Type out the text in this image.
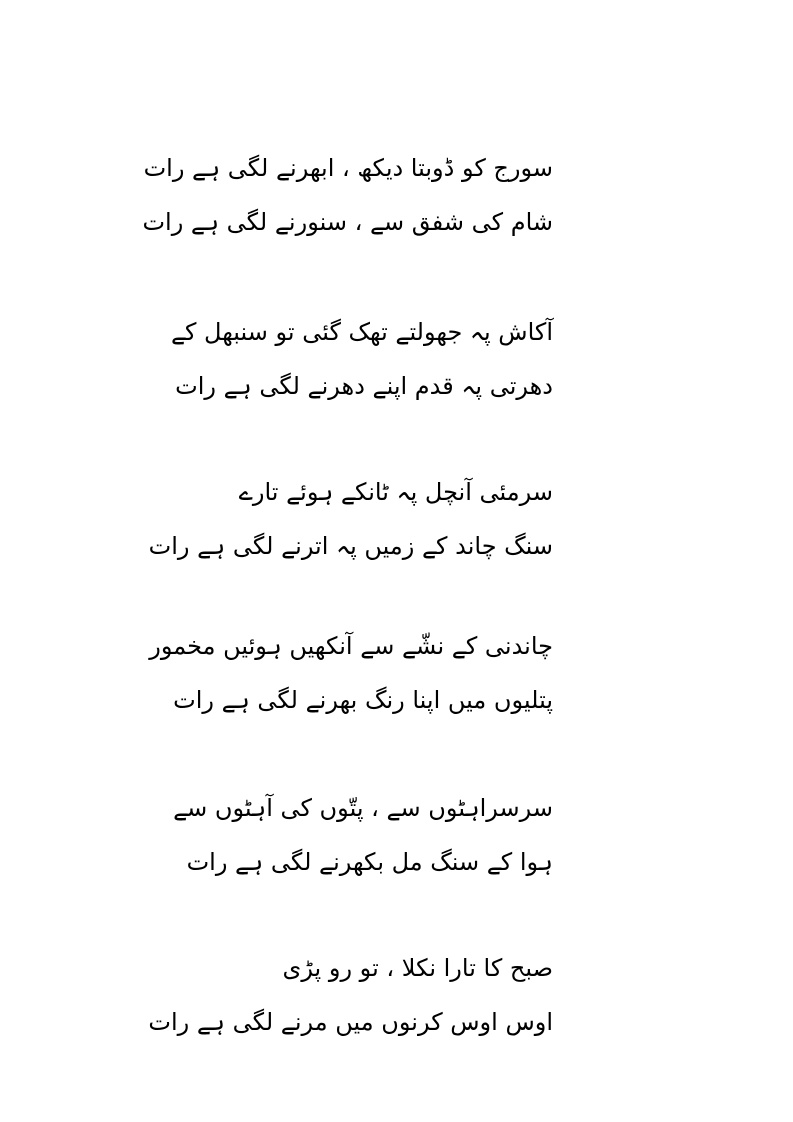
سورج کو ڈوبتا دیکھ ، ابھرنے لگی ہے رات
شام کی شفق سے ، سنورنے لگی ہے رات
آکاش پہ جھولتے تھک گئی تو سنبھل کے
دھرتی پہ قدم اپنے دھرنے لگی ہے رات
سرمئی آنچل پہ ٹانکے ہوئے تارے
سنگ چاند کے زمیں پہ اترنے لگی ہے رات
چاندنی کے نشّے سے آنکھیں ہوئیں مخمور
پتلیوں میں اپنا رنگ بھرنے لگی ہے رات
سرسراہٹوں سے ، پتّوں کی آہٹوں سے
ہوا کے سنگ مل بکھرنے لگی ہے رات
صبح کا تارا نکلا ، تو رو پڑی
اوس اوس کرنوں میں مرنے لگی ہے رات
